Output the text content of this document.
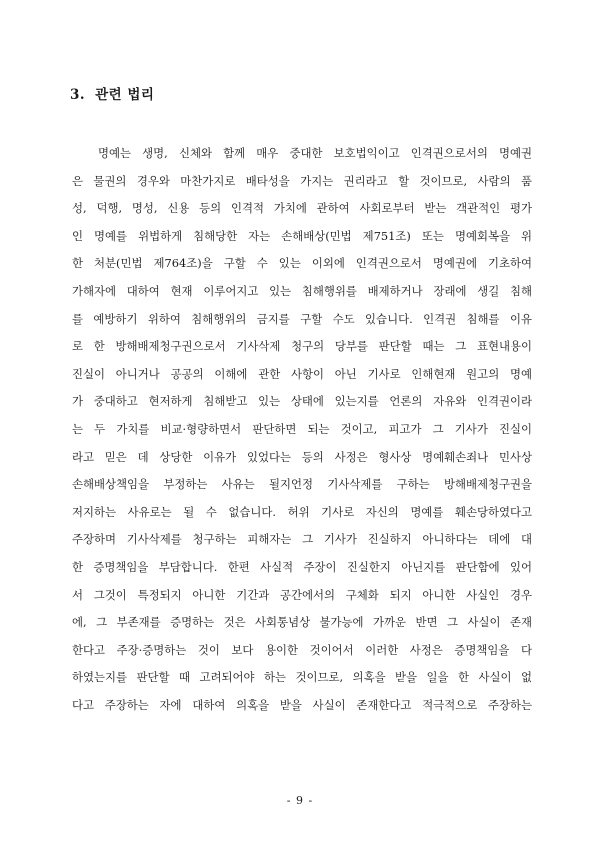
3. 관련 법리
명예는 생명, 신체와 함께 매우 중대한 보호법익이고 인격권으로서의 명예권
은 물권의 경우와 마찬가지로 배타성을 가지는 권리라고 할 것이므로, 사람의 품
성, 덕행, 명성, 신용 등의 인격적 가치에 관하여 사회로부터 받는 객관적인 평가
인 명예를 위법하게 침해당한 자는 손해배상(민법 제751조) 또는 명예회복을 위
한 처분(민법 제764조)을 구할 수 있는 이외에 인격권으로서 명예권에 기초하여
가해자에 대하여 현재 이루어지고 있는 침해행위를 배제하거나 장래에 생길 침해
를 예방하기 위하여 침해행위의 금지를 구할 수도 있습니다. 인격권 침해를 이유
로 한 방해배제청구권으로서 기사삭제 청구의 당부를 판단할 때는 그 표현내용이
진실이 아니거나 공공의 이해에 관한 사항이 아닌 기사로 인해현재 원고의 명예
가 중대하고 현저하게 침해받고 있는 상태에 있는지를 언론의 자유와 인격권이라
는 두 가치를 비교·형량하면서 판단하면 되는 것이고, 피고가 그 기사가 진실이
라고 믿은 데 상당한 이유가 있었다는 등의 사정은 형사상 명예훼손죄나 민사상
손해배상책임을 부정하는 사유는 될지언정 기사삭제를 구하는 방해배제청구권을
저지하는 사유로는 될 수 없습니다. 허위 기사로 자신의 명예를 훼손당하였다고
주장하며 기사삭제를 청구하는 피해자는 그 기사가 진실하지 아니하다는 데에 대
한 증명책임을 부담합니다. 한편 사실적 주장이 진실한지 아닌지를 판단함에 있어
서 그것이 특정되지 아니한 기간과 공간에서의 구체화 되지 아니한 사실인 경우
에, 그 부존재를 증명하는 것은 사회통념상 불가능에 가까운 반면 그 사실이 존재
한다고 주장·증명하는 것이 보다 용이한 것이어서 이러한 사정은 증명책임을 다
하였는지를 판단할 때 고려되어야 하는 것이므로, 의혹을 받을 일을 한 사실이 없
다고 주장하는 자에 대하여 의혹을 받을 사실이 존재한다고 적극적으로 주장하는
- 9 -
